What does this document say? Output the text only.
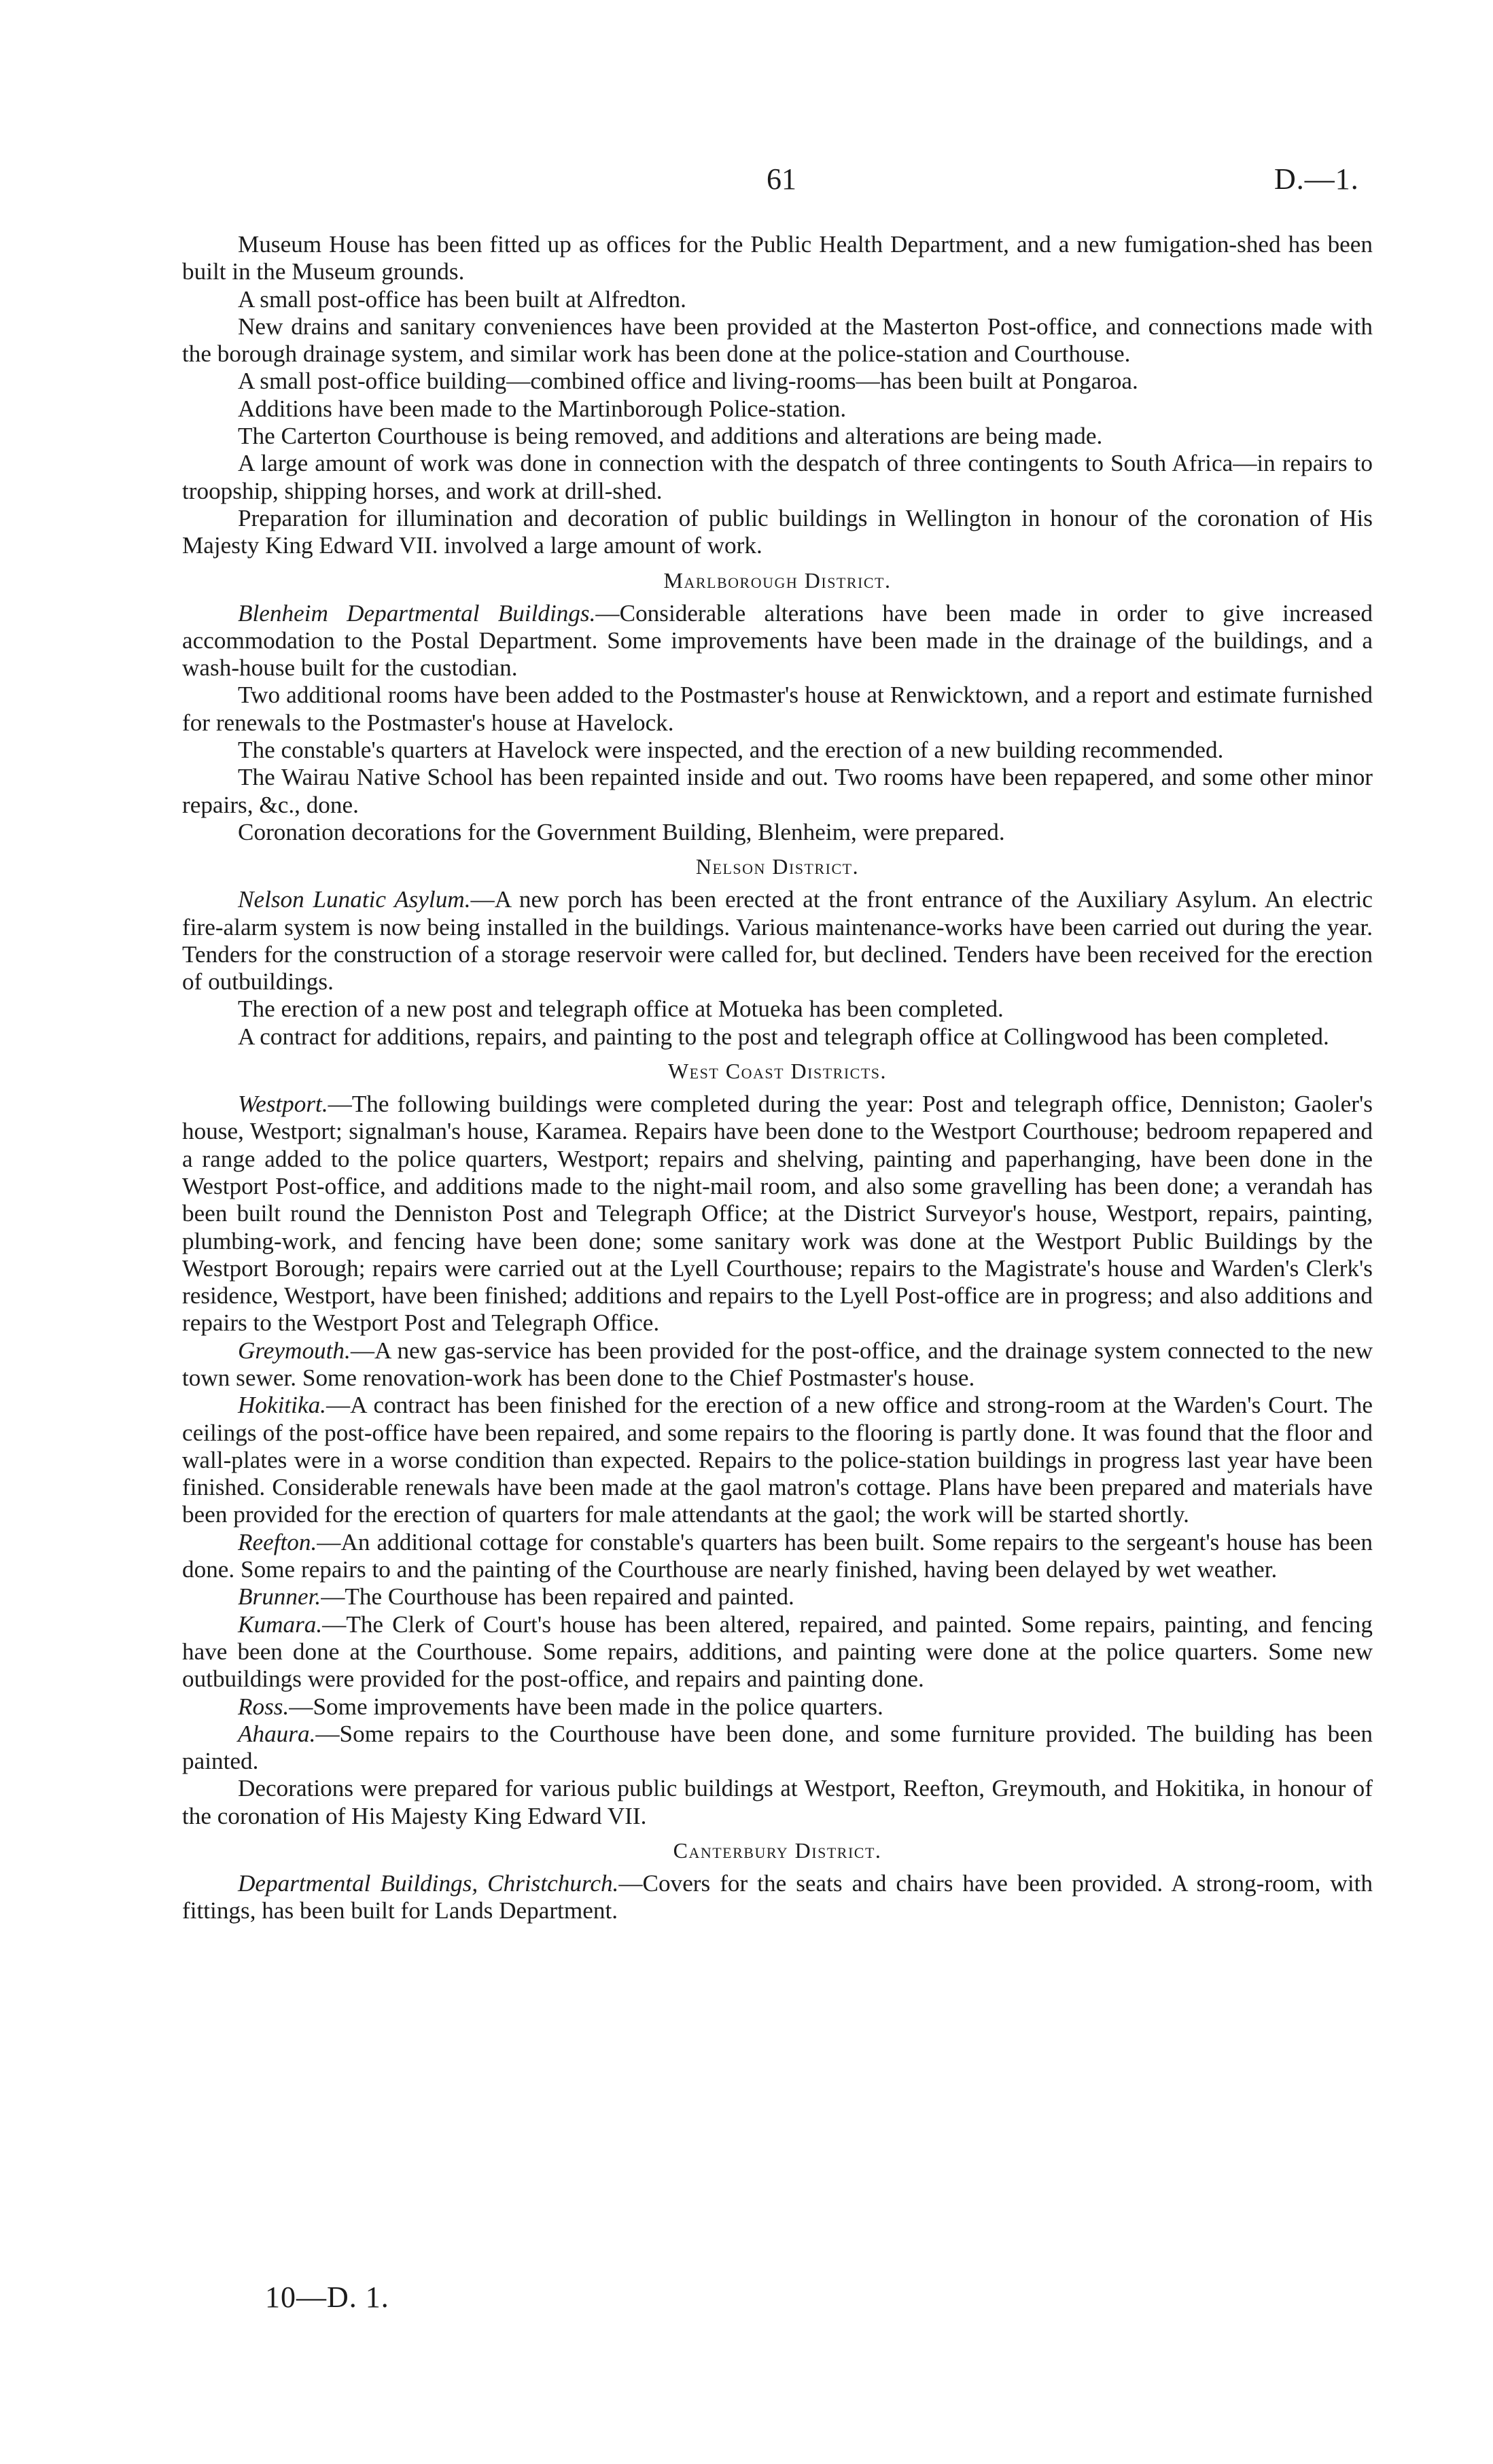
61	D.—1.

Museum House has been fitted up as offices for the Public Health Department, and a new fumigation-shed has been built in the Museum grounds.

A small post-office has been built at Alfredton.

New drains and sanitary conveniences have been provided at the Masterton Post-office, and connections made with the borough drainage system, and similar work has been done at the police-station and Courthouse.

A small post-office building—combined office and living-rooms—has been built at Pongaroa.

Additions have been made to the Martinborough Police-station.

The Carterton Courthouse is being removed, and additions and alterations are being made.

A large amount of work was done in connection with the despatch of three contingents to South Africa—in repairs to troopship, shipping horses, and work at drill-shed.

Preparation for illumination and decoration of public buildings in Wellington in honour of the coronation of His Majesty King Edward VII. involved a large amount of work.

Marlborough District.

Blenheim Departmental Buildings.—Considerable alterations have been made in order to give increased accommodation to the Postal Department. Some improvements have been made in the drainage of the buildings, and a wash-house built for the custodian.

Two additional rooms have been added to the Postmaster's house at Renwicktown, and a report and estimate furnished for renewals to the Postmaster's house at Havelock.

The constable's quarters at Havelock were inspected, and the erection of a new building recommended.

The Wairau Native School has been repainted inside and out. Two rooms have been repapered, and some other minor repairs, &c., done.

Coronation decorations for the Government Building, Blenheim, were prepared.

Nelson District.

Nelson Lunatic Asylum.—A new porch has been erected at the front entrance of the Auxiliary Asylum. An electric fire-alarm system is now being installed in the buildings. Various maintenance-works have been carried out during the year. Tenders for the construction of a storage reservoir were called for, but declined. Tenders have been received for the erection of outbuildings.

The erection of a new post and telegraph office at Motueka has been completed.

A contract for additions, repairs, and painting to the post and telegraph office at Collingwood has been completed.

West Coast Districts.

Westport.—The following buildings were completed during the year: Post and telegraph office, Denniston; Gaoler's house, Westport; signalman's house, Karamea. Repairs have been done to the Westport Courthouse; bedroom repapered and a range added to the police quarters, Westport; repairs and shelving, painting and paperhanging, have been done in the Westport Post-office, and additions made to the night-mail room, and also some gravelling has been done; a verandah has been built round the Denniston Post and Telegraph Office; at the District Surveyor's house, Westport, repairs, painting, plumbing-work, and fencing have been done; some sanitary work was done at the Westport Public Buildings by the Westport Borough; repairs were carried out at the Lyell Courthouse; repairs to the Magistrate's house and Warden's Clerk's residence, Westport, have been finished; additions and repairs to the Lyell Post-office are in progress; and also additions and repairs to the Westport Post and Telegraph Office.

Greymouth.—A new gas-service has been provided for the post-office, and the drainage system connected to the new town sewer. Some renovation-work has been done to the Chief Postmaster's house.

Hokitika.—A contract has been finished for the erection of a new office and strong-room at the Warden's Court. The ceilings of the post-office have been repaired, and some repairs to the flooring is partly done. It was found that the floor and wall-plates were in a worse condition than expected. Repairs to the police-station buildings in progress last year have been finished. Considerable renewals have been made at the gaol matron's cottage. Plans have been prepared and materials have been provided for the erection of quarters for male attendants at the gaol; the work will be started shortly.

Reefton.—An additional cottage for constable's quarters has been built. Some repairs to the sergeant's house has been done. Some repairs to and the painting of the Courthouse are nearly finished, having been delayed by wet weather.

Brunner.—The Courthouse has been repaired and painted.

Kumara.—The Clerk of Court's house has been altered, repaired, and painted. Some repairs, painting, and fencing have been done at the Courthouse. Some repairs, additions, and painting were done at the police quarters. Some new outbuildings were provided for the post-office, and repairs and painting done.

Ross.—Some improvements have been made in the police quarters.

Ahaura.—Some repairs to the Courthouse have been done, and some furniture provided. The building has been painted.

Decorations were prepared for various public buildings at Westport, Reefton, Greymouth, and Hokitika, in honour of the coronation of His Majesty King Edward VII.

Canterbury District.

Departmental Buildings, Christchurch.—Covers for the seats and chairs have been provided. A strong-room, with fittings, has been built for Lands Department.

10—D. 1.
